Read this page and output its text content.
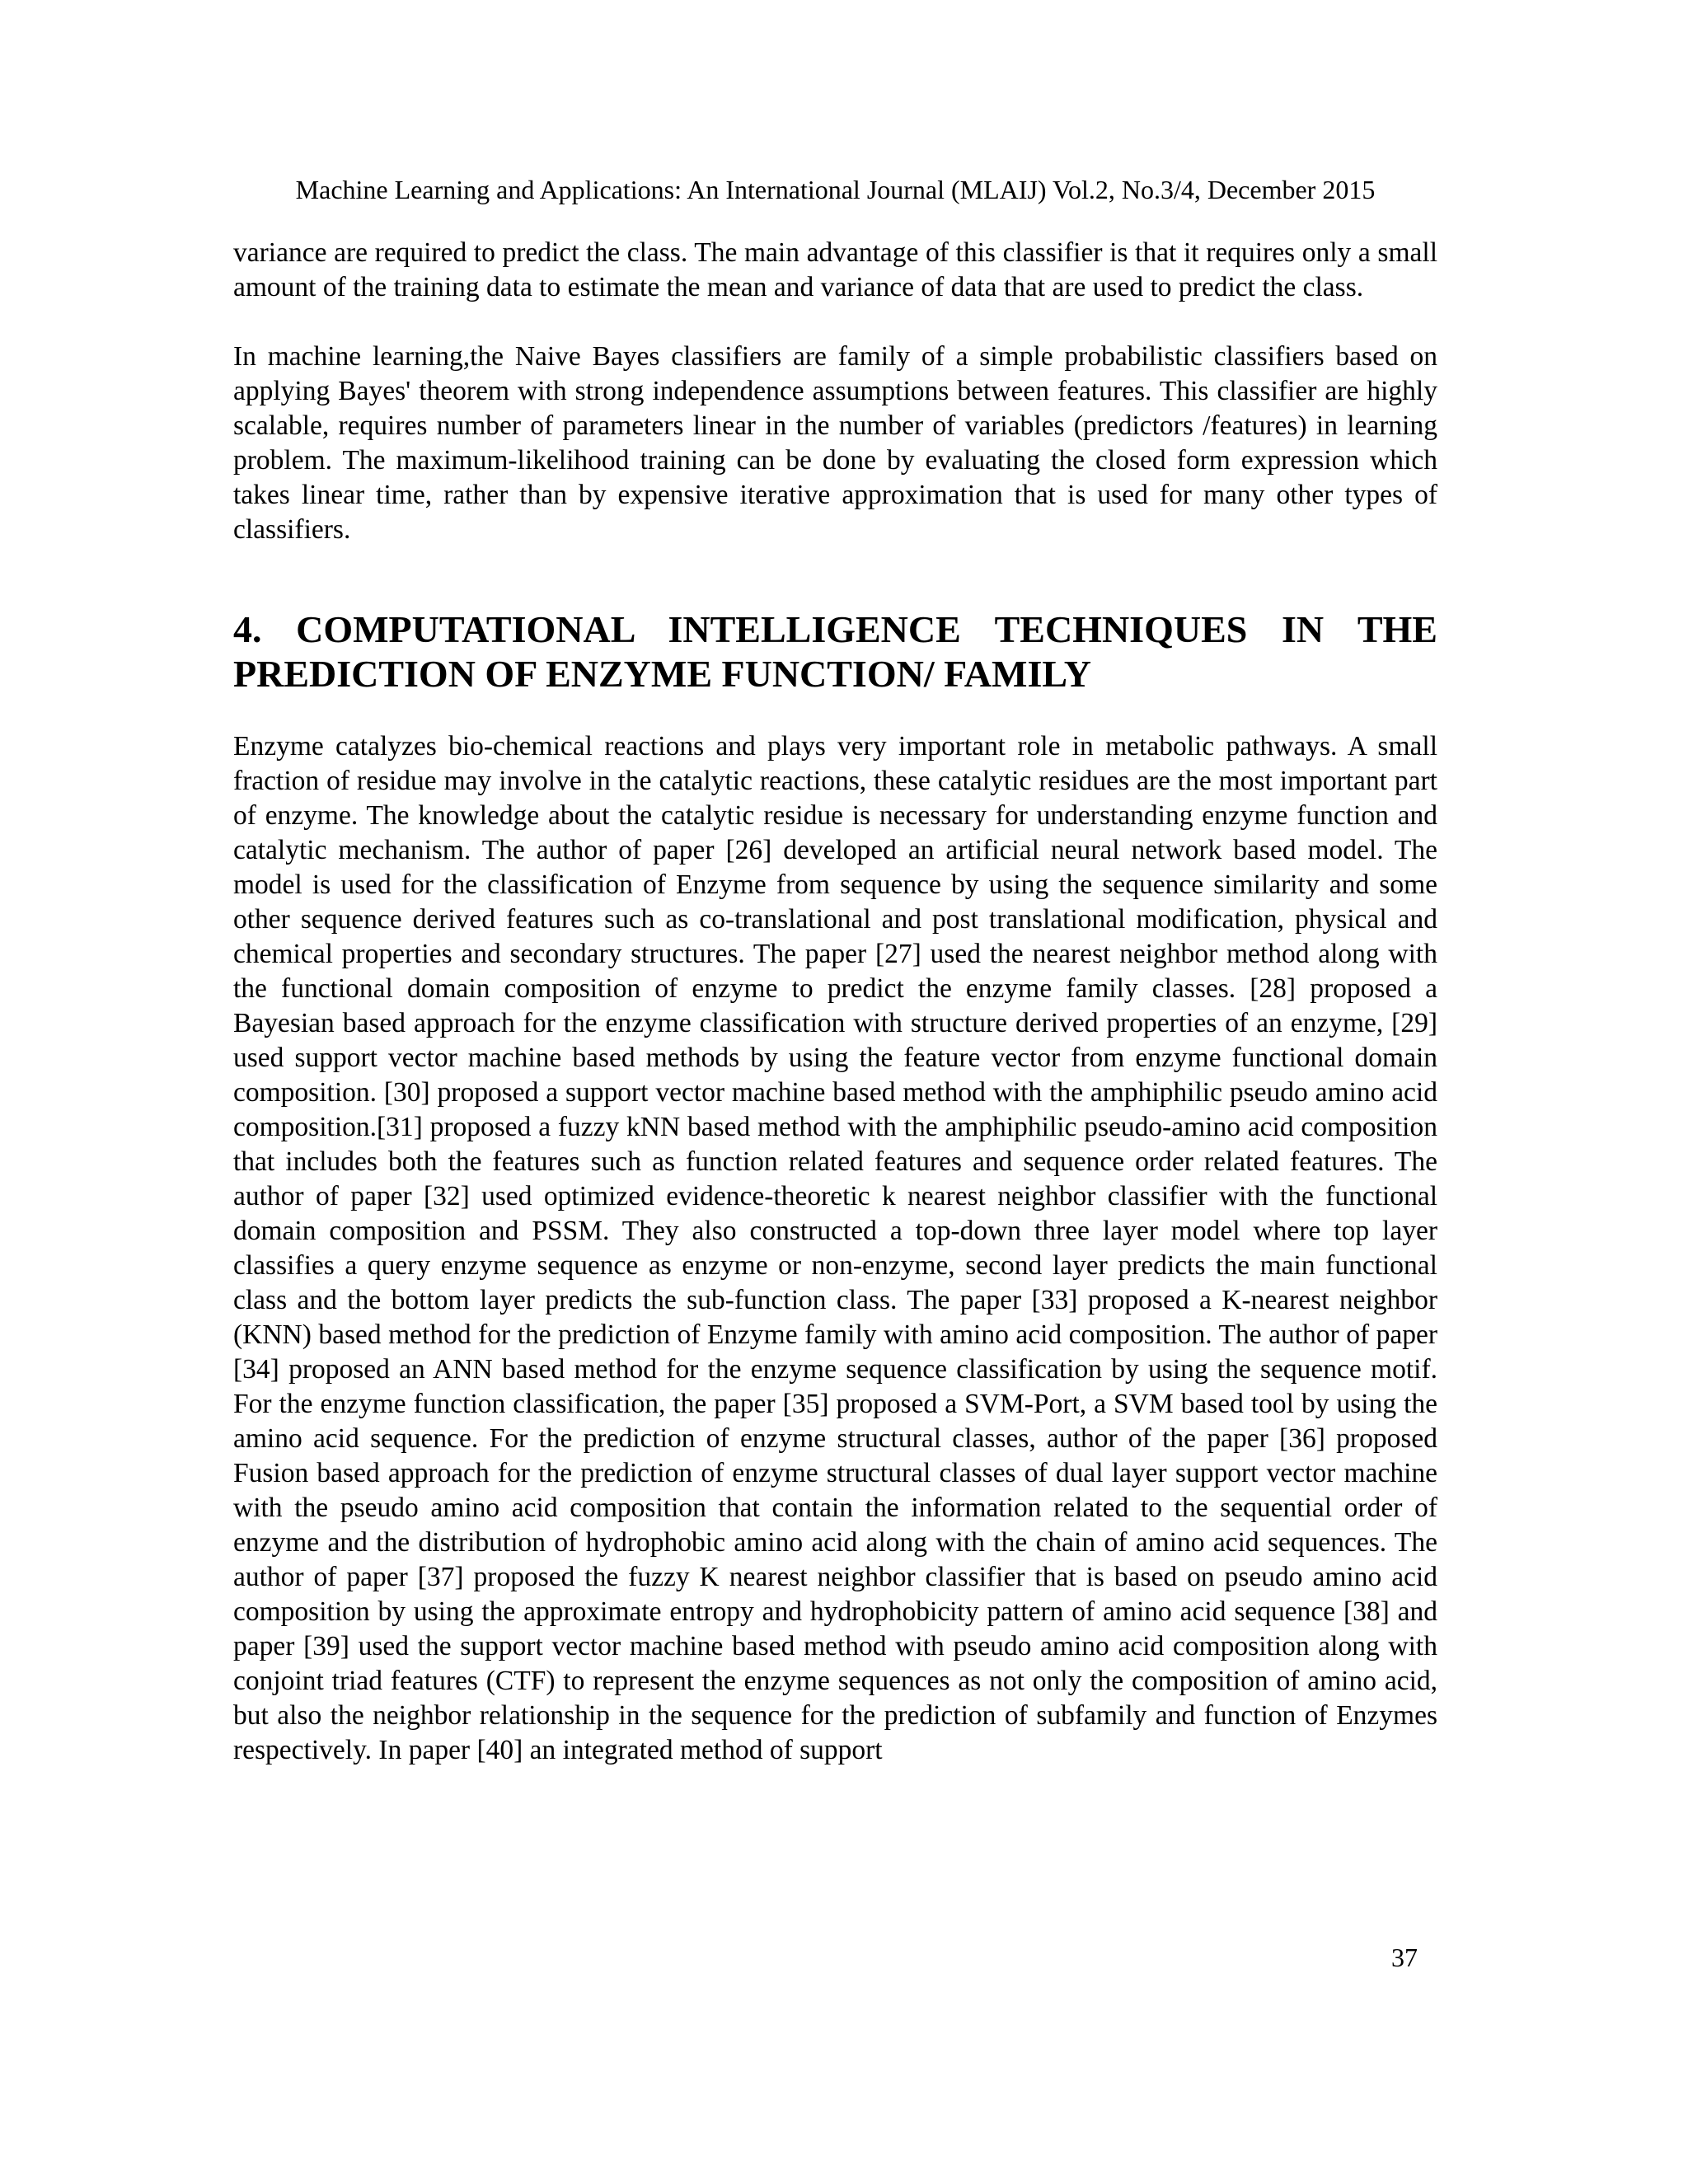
Machine Learning and Applications: An International Journal (MLAIJ) Vol.2, No.3/4, December 2015

variance are required to predict the class. The main advantage of this classifier is that it requires only a small amount of the training data to estimate the mean and variance of data that are used to predict the class.

In machine learning,the Naive Bayes classifiers are family of a simple probabilistic classifiers based on applying Bayes' theorem with strong independence assumptions between features. This classifier are highly scalable, requires number of parameters linear in the number of variables (predictors /features) in learning problem. The maximum-likelihood training can be done by evaluating the closed form expression which takes linear time, rather than by expensive iterative approximation that is used for many other types of classifiers.

4. COMPUTATIONAL INTELLIGENCE TECHNIQUES IN THE PREDICTION OF ENZYME FUNCTION/ FAMILY

Enzyme catalyzes bio-chemical reactions and plays very important role in metabolic pathways. A small fraction of residue may involve in the catalytic reactions, these catalytic residues are the most important part of enzyme. The knowledge about the catalytic residue is necessary for understanding enzyme function and catalytic mechanism. The author of paper [26] developed an artificial neural network based model. The model is used for the classification of Enzyme from sequence by using the sequence similarity and some other sequence derived features such as co-translational and post translational modification, physical and chemical properties and secondary structures. The paper [27] used the nearest neighbor method along with the functional domain composition of enzyme to predict the enzyme family classes. [28] proposed a Bayesian based approach for the enzyme classification with structure derived properties of an enzyme, [29] used support vector machine based methods by using the feature vector from enzyme functional domain composition. [30] proposed a support vector machine based method with the amphiphilic pseudo amino acid composition.[31] proposed a fuzzy kNN based method with the amphiphilic pseudo-amino acid composition that includes both the features such as function related features and sequence order related features. The author of paper [32] used optimized evidence-theoretic k nearest neighbor classifier with the functional domain composition and PSSM. They also constructed a top-down three layer model where top layer classifies a query enzyme sequence as enzyme or non-enzyme, second layer predicts the main functional class and the bottom layer predicts the sub-function class. The paper [33] proposed a K-nearest neighbor (KNN) based method for the prediction of Enzyme family with amino acid composition. The author of paper [34] proposed an ANN based method for the enzyme sequence classification by using the sequence motif. For the enzyme function classification, the paper [35] proposed a SVM-Port, a SVM based tool by using the amino acid sequence. For the prediction of enzyme structural classes, author of the paper [36] proposed Fusion based approach for the prediction of enzyme structural classes of dual layer support vector machine with the pseudo amino acid composition that contain the information related to the sequential order of enzyme and the distribution of hydrophobic amino acid along with the chain of amino acid sequences. The author of paper [37] proposed the fuzzy K nearest neighbor classifier that is based on pseudo amino acid composition by using the approximate entropy and hydrophobicity pattern of amino acid sequence [38] and paper [39] used the support vector machine based method with pseudo amino acid composition along with conjoint triad features (CTF) to represent the enzyme sequences as not only the composition of amino acid, but also the neighbor relationship in the sequence for the prediction of subfamily and function of Enzymes respectively. In paper [40] an integrated method of support

37
